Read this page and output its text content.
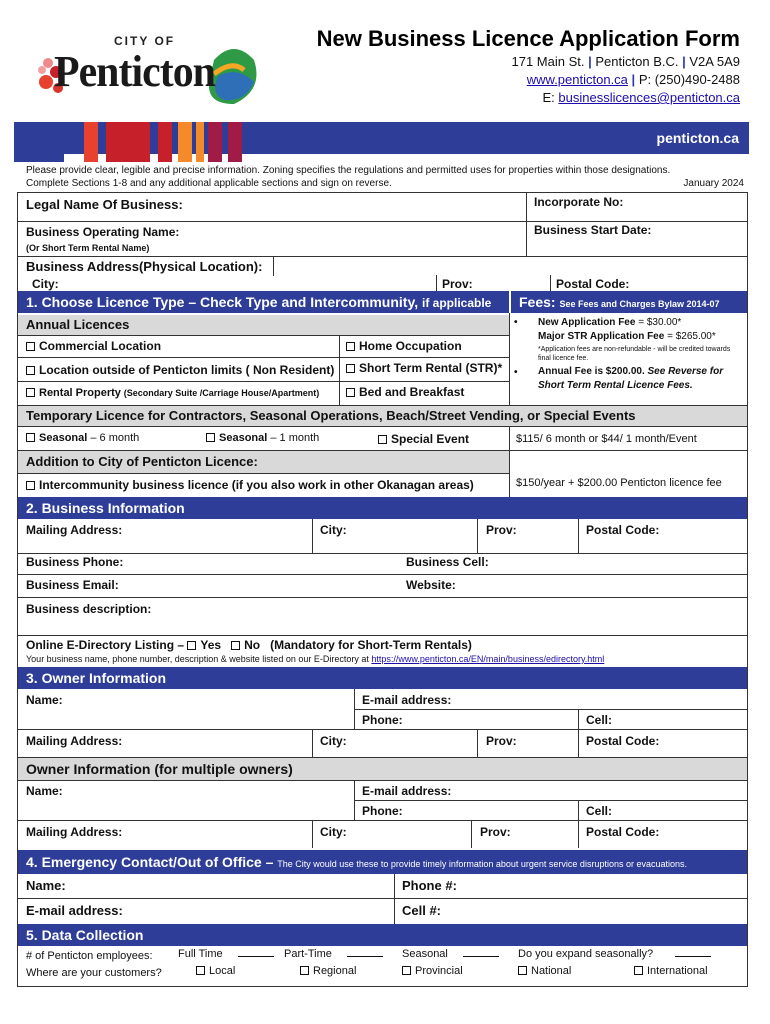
CITY OF
Penticton
New Business Licence Application Form
171 Main St. | Penticton B.C. | V2A 5A9
www.penticton.ca | P: (250)490-2488
E: businesslicences@penticton.ca
penticton.ca
Please provide clear, legible and precise information. Zoning specifies the regulations and permitted uses for properties within those designations.
Complete Sections 1-8 and any additional applicable sections and sign on reverse.	January 2024
Legal Name Of Business:	Incorporate No:
Business Operating Name:	Business Start Date:
(Or Short Term Rental Name)
Business Address(Physical Location):
City:	Prov:	Postal Code:
1. Choose Licence Type – Check Type and Intercommunity, if applicable	Fees: See Fees and Charges Bylaw 2014-07
Annual Licences
Commercial Location	Home Occupation
Location outside of Penticton limits ( Non Resident)	Short Term Rental (STR)*
Rental Property (Secondary Suite /Carriage House/Apartment)	Bed and Breakfast
• New Application Fee = $30.00*
Major STR Application Fee = $265.00*
*Application fees are non-refundable - will be credited towards final licence fee.
• Annual Fee is $200.00. See Reverse for Short Term Rental Licence Fees.
Temporary Licence for Contractors, Seasonal Operations, Beach/Street Vending, or Special Events
Seasonal – 6 month	Seasonal – 1 month	Special Event	$115/ 6 month or $44/ 1 month/Event
Addition to City of Penticton Licence:
Intercommunity business licence (if you also work in other Okanagan areas)	$150/year + $200.00 Penticton licence fee
2. Business Information
Mailing Address:	City:	Prov:	Postal Code:
Business Phone:	Business Cell:
Business Email:	Website:
Business description:
Online E-Directory Listing – Yes No (Mandatory for Short-Term Rentals)
Your business name, phone number, description & website listed on our E-Directory at https://www.penticton.ca/EN/main/business/edirectory.html
3. Owner Information
Name:	E-mail address:
Phone:	Cell:
Mailing Address:	City:	Prov:	Postal Code:
Owner Information (for multiple owners)
Name:	E-mail address:
Phone:	Cell:
Mailing Address:	City:	Prov:	Postal Code:
4. Emergency Contact/Out of Office – The City would use these to provide timely information about urgent service disruptions or evacuations.
Name:	Phone #:
E-mail address:	Cell #:
5. Data Collection
# of Penticton employees: Full Time	Part-Time	Seasonal	Do you expand seasonally?
Where are your customers?	Local	Regional	Provincial	National	International
